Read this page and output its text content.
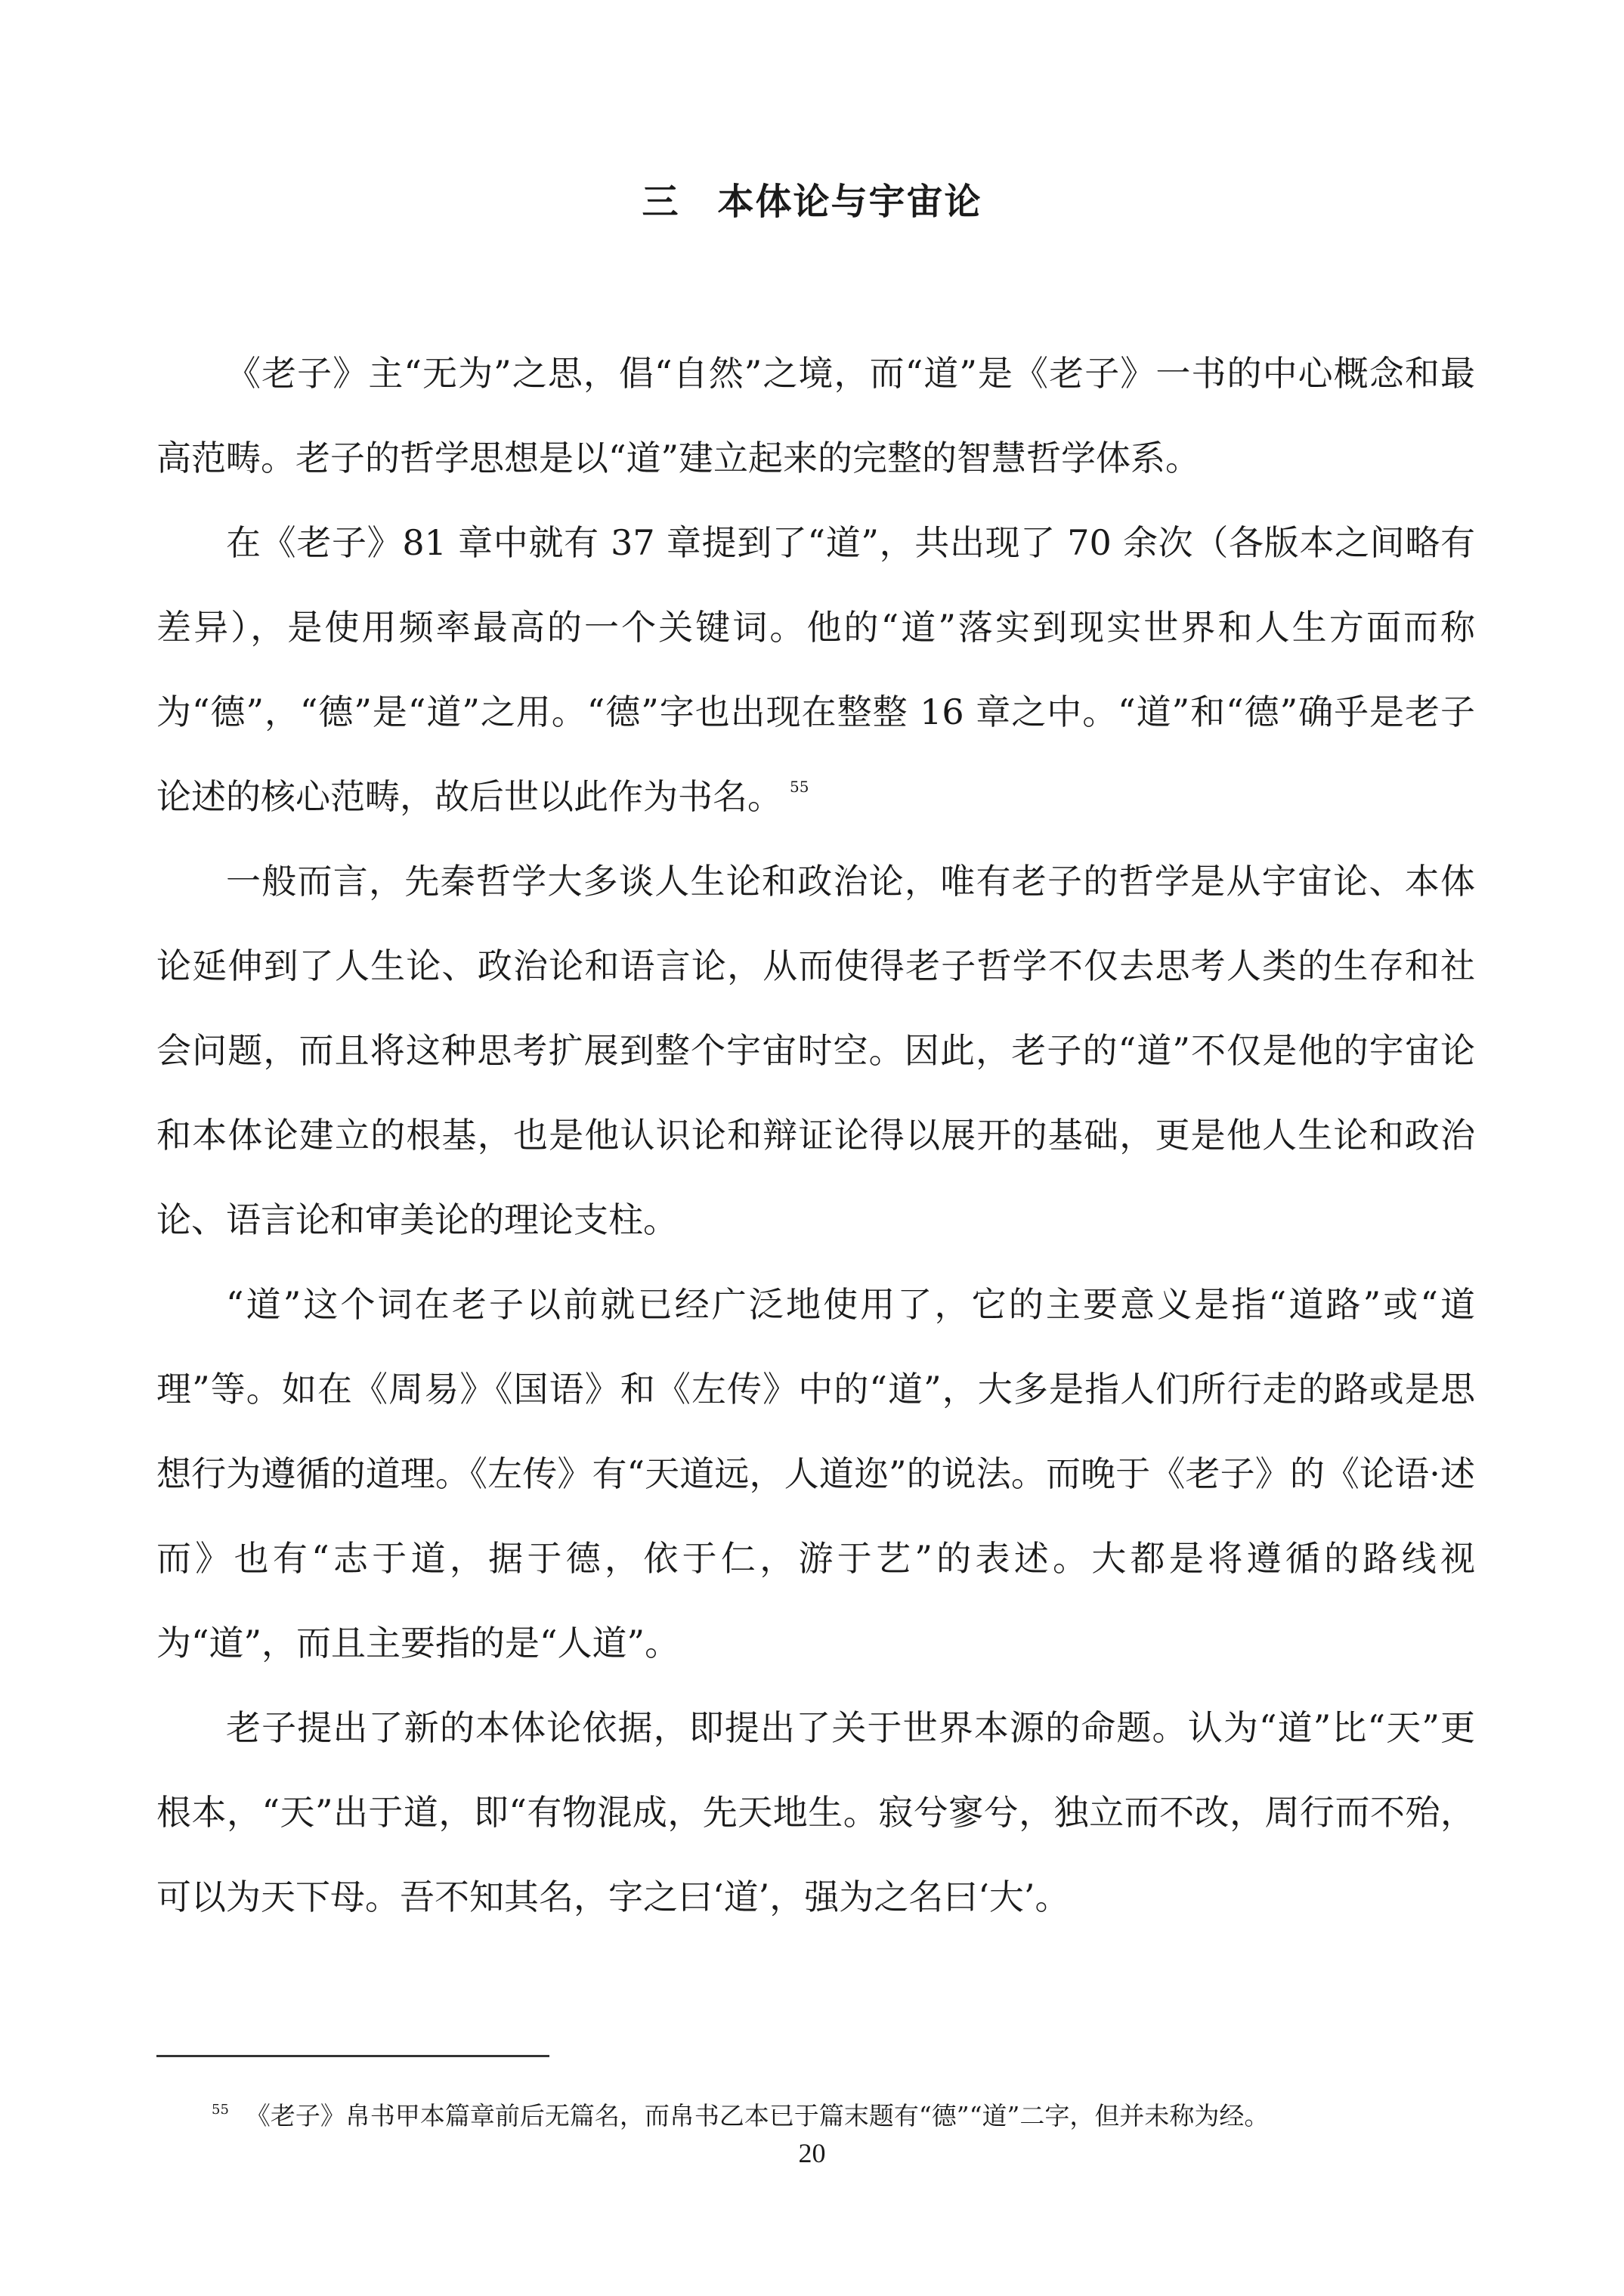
三 本体论与宇宙论

《老子》主“无为”之思，倡“自然”之境，而“道”是《老子》一书的中心概念和最高范畴。老子的哲学思想是以“道”建立起来的完整的智慧哲学体系。

在《老子》81 章中就有 37 章提到了“道”，共出现了 70 余次（各版本之间略有差异），是使用频率最高的一个关键词。他的“道”落实到现实世界和人生方面而称为“德”，“德”是“道”之用。“德”字也出现在整整 16 章之中。“道”和“德”确乎是老子论述的核心范畴，故后世以此作为书名。 $^{55}$

一般而言，先秦哲学大多谈人生论和政治论，唯有老子的哲学是从宇宙论、本体论延伸到了人生论、政治论和语言论，从而使得老子哲学不仅去思考人类的生存和社会问题，而且将这种思考扩展到整个宇宙时空。因此，老子的“道”不仅是他的宇宙论和本体论建立的根基，也是他认识论和辩证论得以展开的基础，更是他人生论和政治论、语言论和审美论的理论支柱。

“道”这个词在老子以前就已经广泛地使用了，它的主要意义是指“道路”或“道理”等。如在《周易》《国语》和《左传》中的“道”，大多是指人们所行走的路或是思想行为遵循的道理。《左传》有“天道远，人道迩”的说法。而晚于《老子》的《论语·述而》也有“志于道，据于德，依于仁，游于艺”的表述。大都是将遵循的路线视为“道”，而且主要指的是“人道”。

老子提出了新的本体论依据，即提出了关于世界本源的命题。认为“道”比“天”更根本，“天”出于道，即“有物混成，先天地生。寂兮寥兮，独立而不改，周行而不殆，可以为天下母。吾不知其名，字之曰‘道’，强为之名曰‘大’。

$^{55}$ 《老子》帛书甲本篇章前后无篇名，而帛书乙本已于篇末题有“德”“道”二字，但并未称为经。
20
